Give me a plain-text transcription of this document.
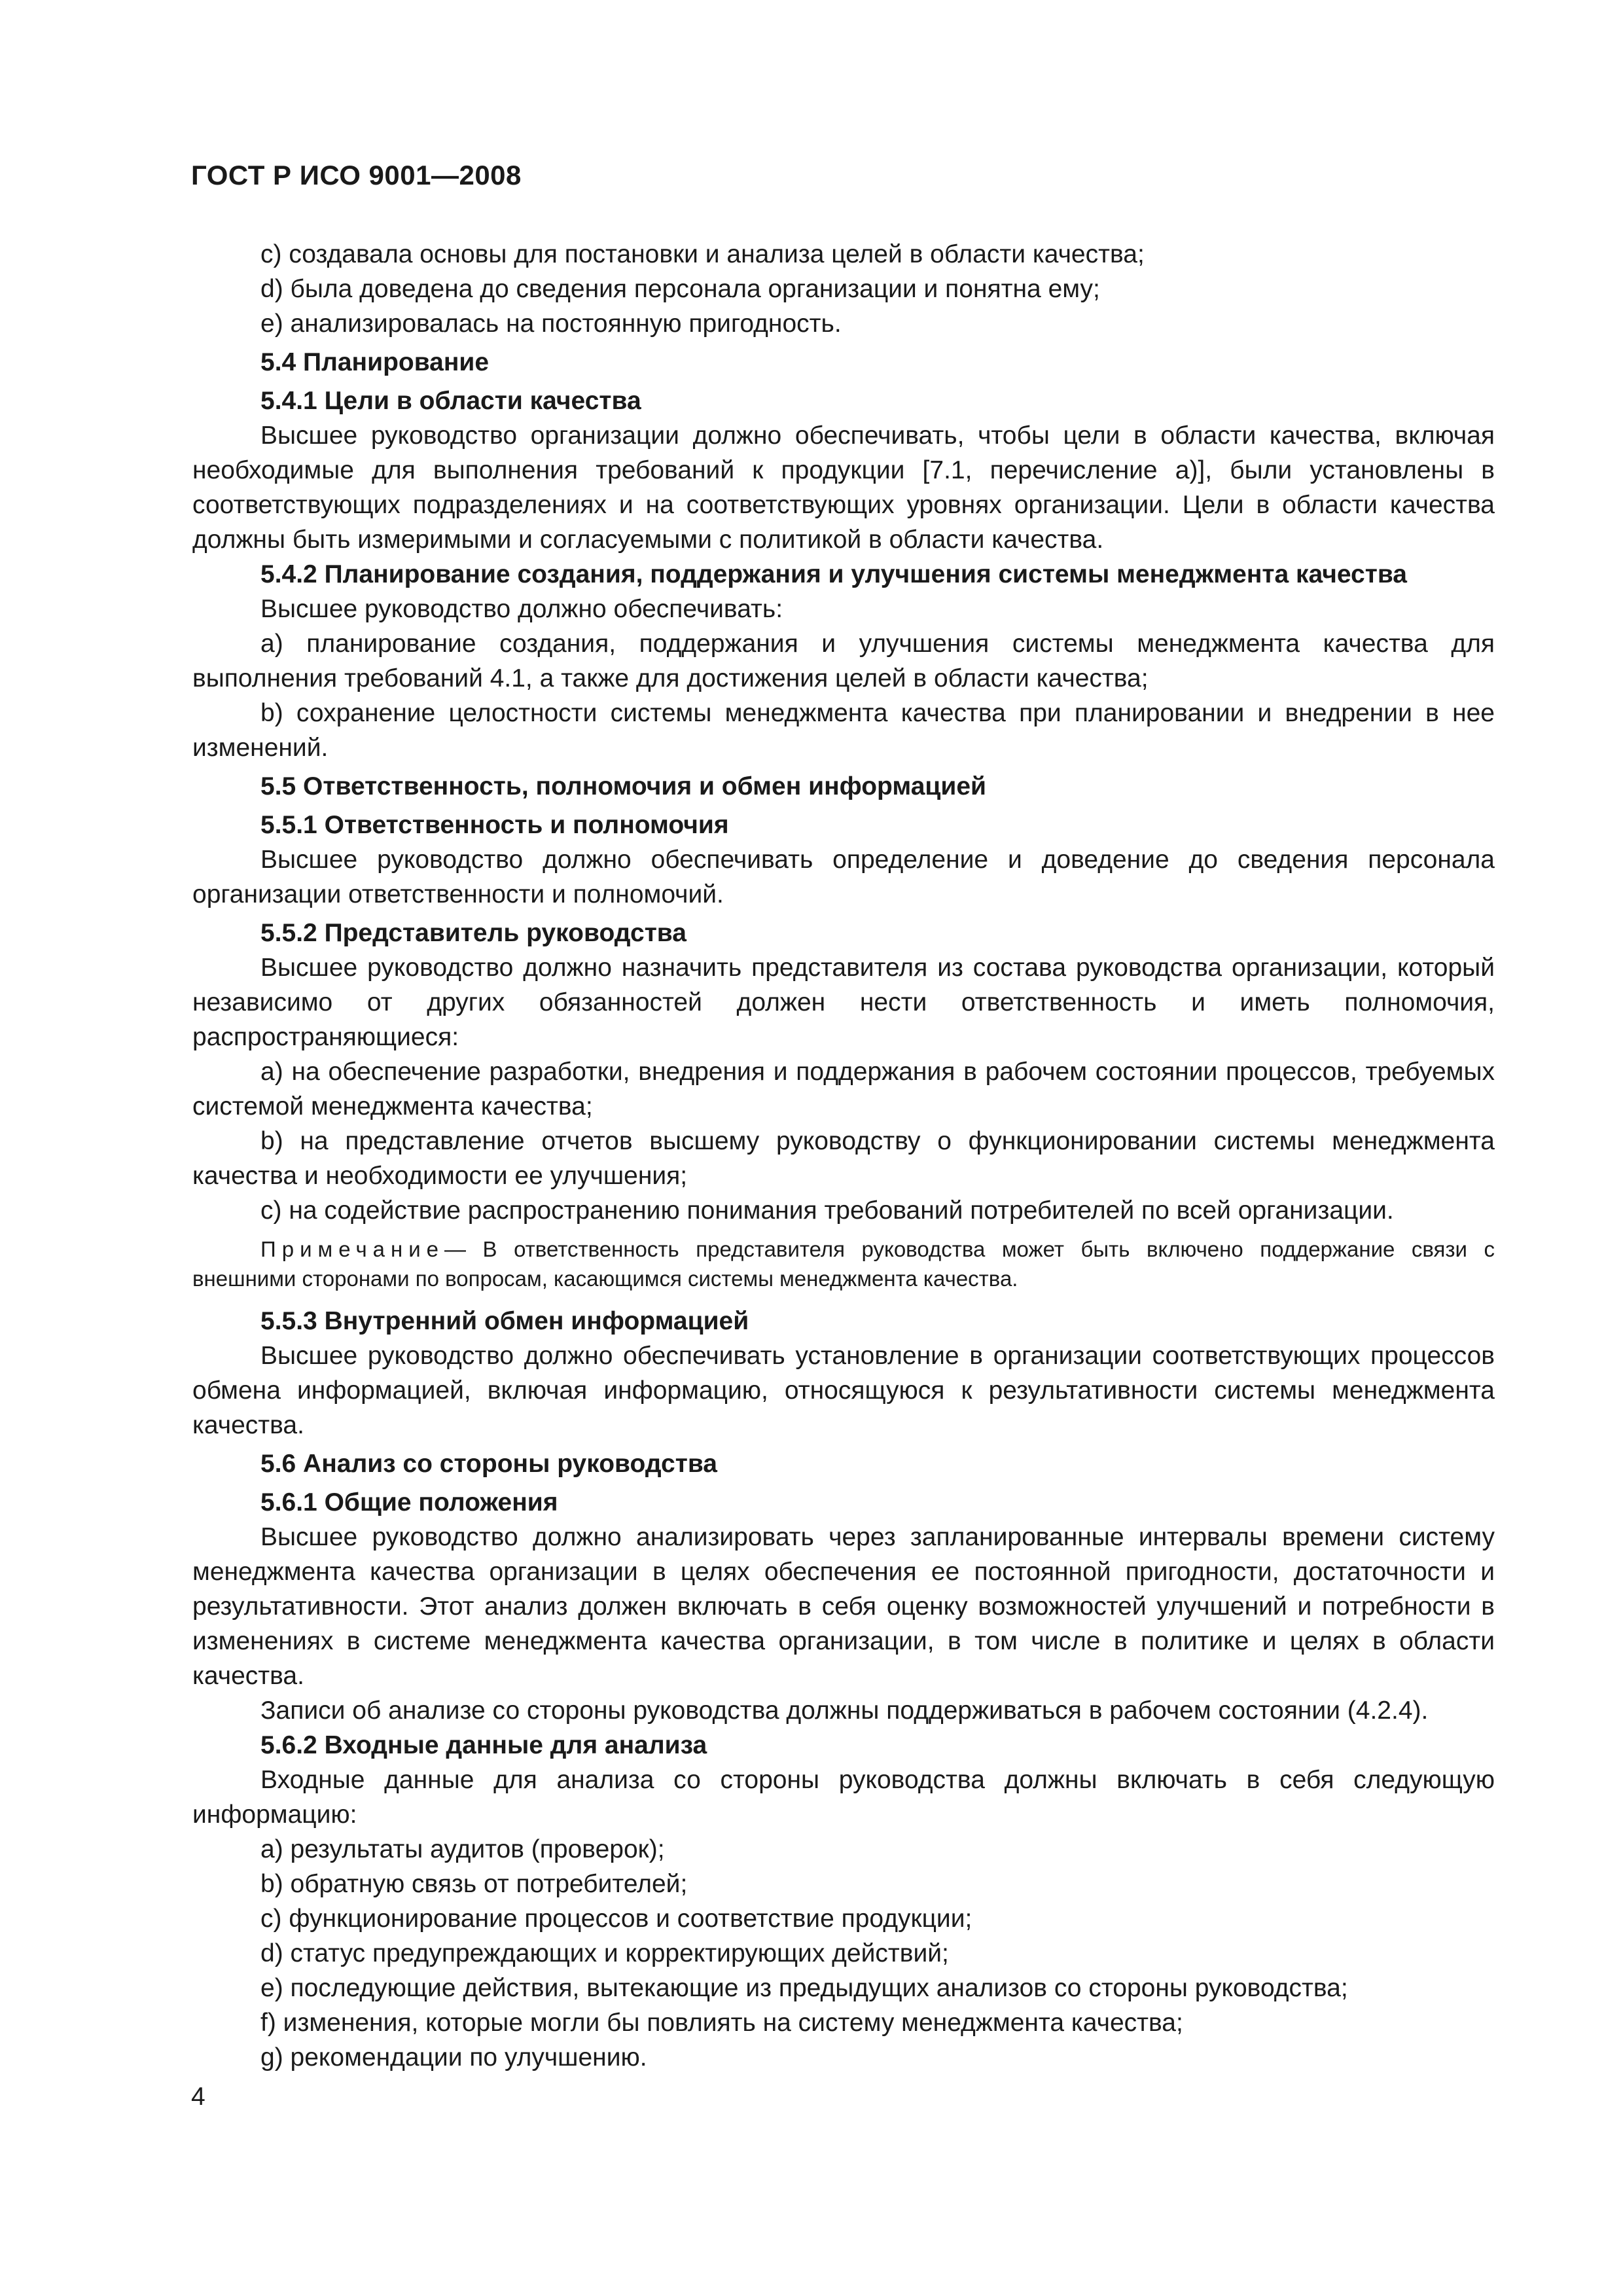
ГОСТ Р ИСО 9001—2008
c) создавала основы для постановки и анализа целей в области качества;
d) была доведена до сведения персонала организации и понятна ему;
e) анализировалась на постоянную пригодность.
5.4 Планирование
5.4.1 Цели в области качества

Высшее руководство организации должно обеспечивать, чтобы цели в области качества, включая необходимые для выполнения требований к продукции [7.1, перечисление а)], были установлены в соответствующих подразделениях и на соответствующих уровнях организации. Цели в области качества должны быть измеримыми и согласуемыми с политикой в области качества.

5.4.2 Планирование создания, поддержания и улучшения системы менеджмента качества
Высшее руководство должно обеспечивать:

a) планирование создания, поддержания и улучшения системы менеджмента качества для выполнения требований 4.1, а также для достижения целей в области качества;

b) сохранение целостности системы менеджмента качества при планировании и внедрении в нее изменений.

5.5 Ответственность, полномочия и обмен информацией
5.5.1 Ответственность и полномочия

Высшее руководство должно обеспечивать определение и доведение до сведения персонала организации ответственности и полномочий.

5.5.2 Представитель руководства

Высшее руководство должно назначить представителя из состава руководства организации, который независимо от других обязанностей должен нести ответственность и иметь полномочия, распространяющиеся:

a) на обеспечение разработки, внедрения и поддержания в рабочем состоянии процессов, требуемых системой менеджмента качества;

b) на представление отчетов высшему руководству о функционировании системы менеджмента качества и необходимости ее улучшения;

c) на содействие распространению понимания требований потребителей по всей организации.
Примечание— В ответственность представителя руководства может быть включено поддержание связи с внешними сторонами по вопросам, касающимся системы менеджмента качества.
5.5.3 Внутренний обмен информацией

Высшее руководство должно обеспечивать установление в организации соответствующих процессов обмена информацией, включая информацию, относящуюся к результативности системы менеджмента качества.

5.6 Анализ со стороны руководства
5.6.1 Общие положения

Высшее руководство должно анализировать через запланированные интервалы времени систему менеджмента качества организации в целях обеспечения ее постоянной пригодности, достаточности и результативности. Этот анализ должен включать в себя оценку возможностей улучшений и потребности в изменениях в системе менеджмента качества организации, в том числе в политике и целях в области качества.

Записи об анализе со стороны руководства должны поддерживаться в рабочем состоянии (4.2.4).
5.6.2 Входные данные для анализа

Входные данные для анализа со стороны руководства должны включать в себя следующую информацию:

a) результаты аудитов (проверок);
b) обратную связь от потребителей;
c) функционирование процессов и соответствие продукции;
d) статус предупреждающих и корректирующих действий;
e) последующие действия, вытекающие из предыдущих анализов со стороны руководства;
f) изменения, которые могли бы повлиять на систему менеджмента качества;
g) рекомендации по улучшению.
4
